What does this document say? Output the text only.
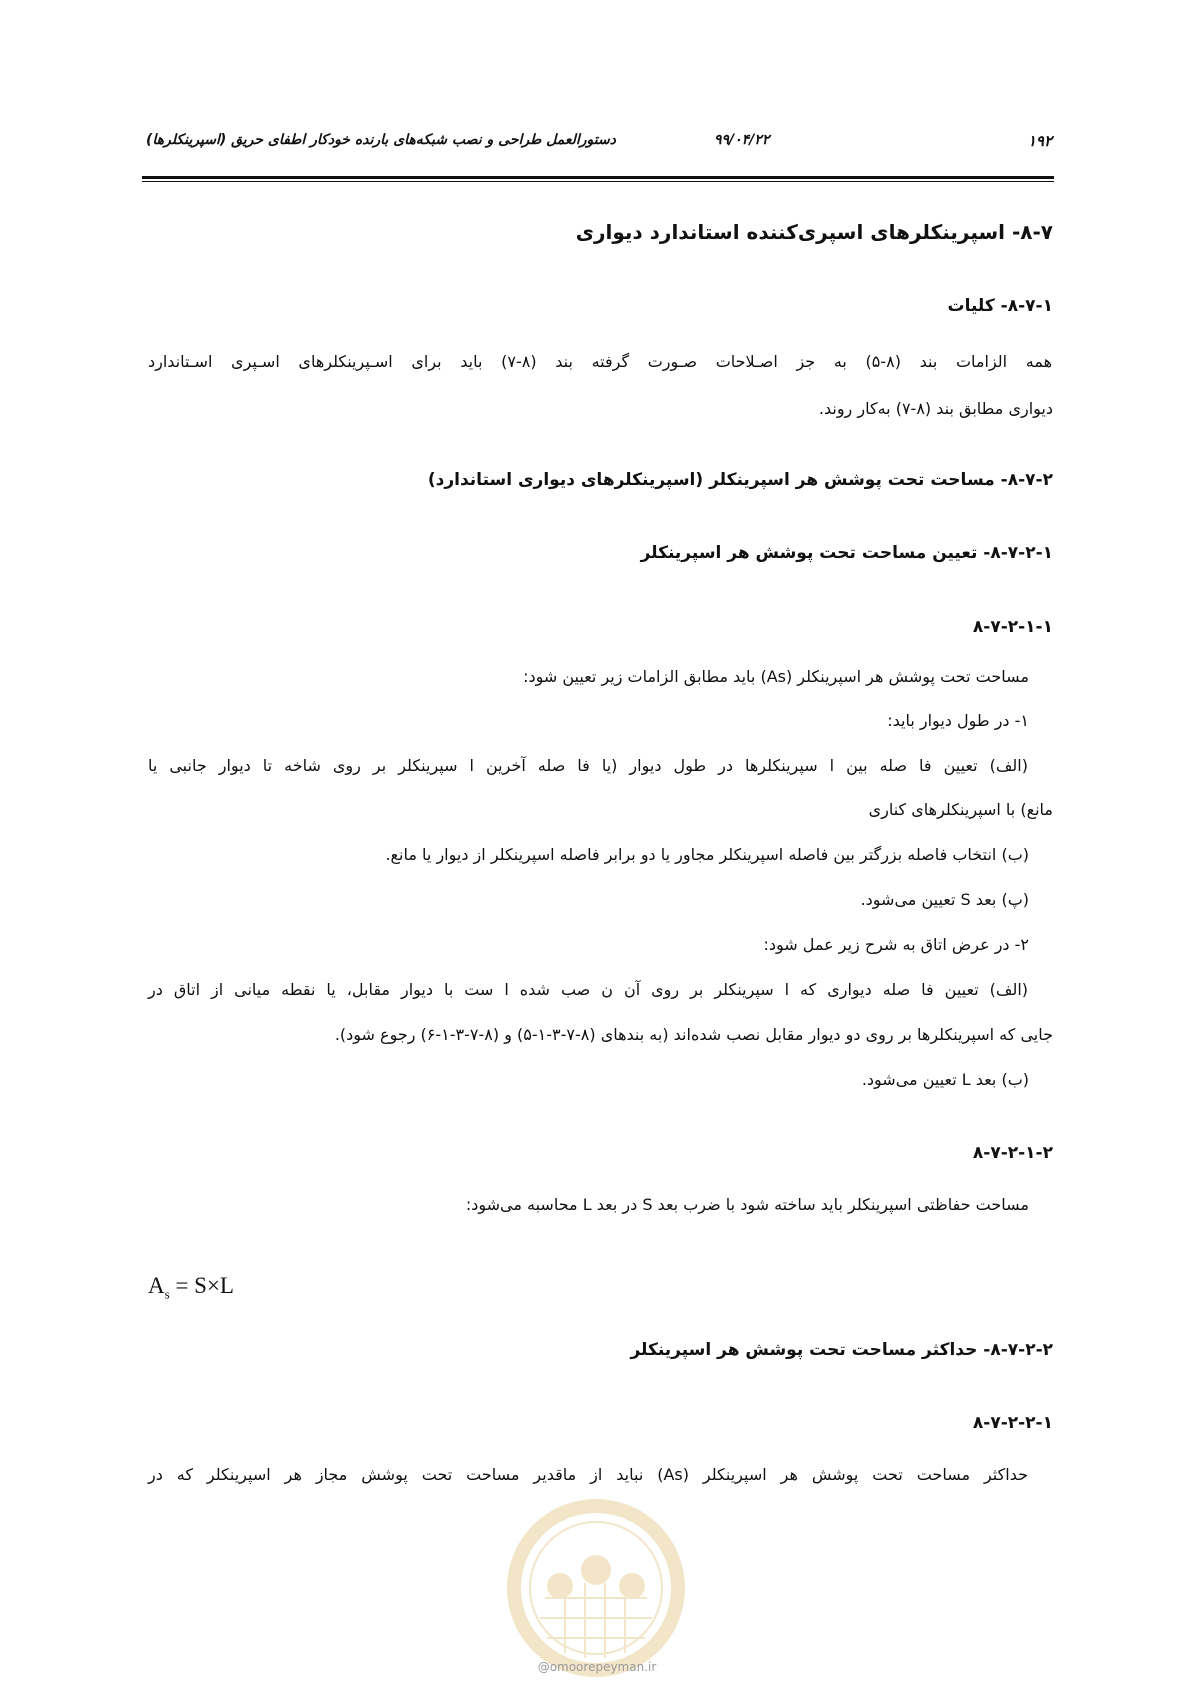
دستورالعمل طراحی و نصب شبکه‌های بارنده خودکار اطفای حریق (اسپرینکلرها)	۹۹/۰۴/۲۲	۱۹۲
۸-۷- اسپرینکلرهای اسپری‌کننده استاندارد دیواری
۸-۷-۱- کلیات
همه الزامات بند (۸-۵) به جز اصـلاحات صـورت گرفته بند (۸-۷) باید برای اسـپرینکلرهای اسـپری اسـتاندارد
دیواری مطابق بند (۸-۷) به‌کار روند.
۸-۷-۲- مساحت تحت پوشش هر اسپرینکلر (اسپرینکلرهای دیواری استاندارد)
۸-۷-۲-۱- تعیین مساحت تحت پوشش هر اسپرینکلر
۸-۷-۲-۱-۱
مساحت تحت پوشش هر اسپرینکلر (As) باید مطابق الزامات زیر تعیین شود:
۱- در طول دیوار باید:
(الف) تعیین فا صله بین ا سپرینکلرها در طول دیوار (یا فا صله آخرین ا سپرینکلر بر روی شاخه تا دیوار جانبی یا
مانع) با اسپرینکلرهای کناری
(ب) انتخاب فاصله بزرگتر بین فاصله اسپرینکلر مجاور یا دو برابر فاصله اسپرینکلر از دیوار یا مانع.
(پ) بعد S تعیین می‌شود.
۲- در عرض اتاق به شرح زیر عمل شود:
(الف) تعیین فا صله دیواری که ا سپرینکلر بر روی آن ن صب شده ا ست با دیوار مقابل، یا نقطه میانی از اتاق در
جایی که اسپرینکلرها بر روی دو دیوار مقابل نصب شده‌اند (به بندهای (۸-۷-۳-۱-۵) و (۸-۷-۳-۱-۶) رجوع شود).
(ب) بعد L تعیین می‌شود.
۸-۷-۲-۱-۲
مساحت حفاظتی اسپرینکلر باید ساخته شود با ضرب بعد S در بعد L محاسبه می‌شود:
$A_s = S\times L$
۸-۷-۲-۲- حداکثر مساحت تحت پوشش هر اسپرینکلر
۸-۷-۲-۲-۱
حداکثر مساحت تحت پوشش هر اسپرینکلر (As) نباید از ماقدیر مساحت تحت پوشش مجاز هر اسپرینکلر که در
@omoorepeyman.ir
